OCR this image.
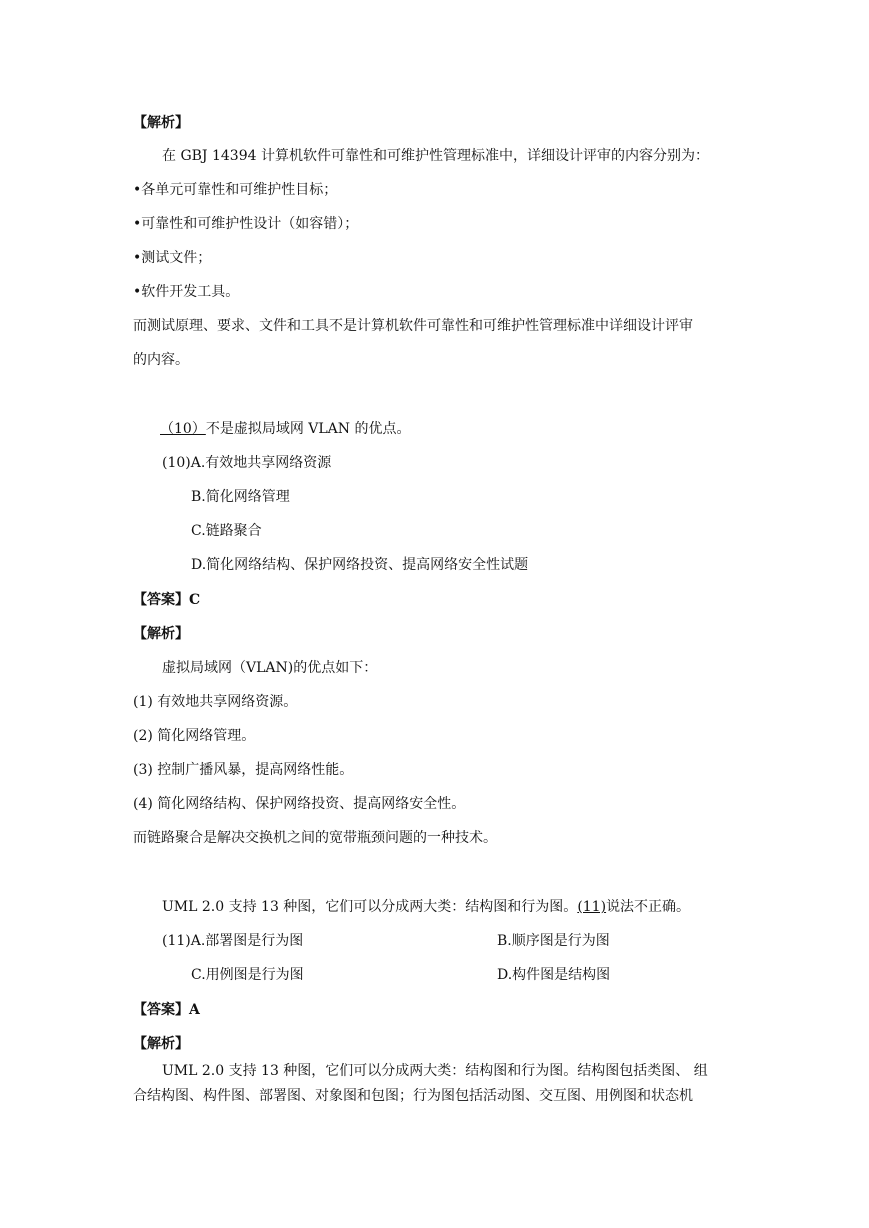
【解析】
在 GBJ 14394 计算机软件可靠性和可维护性管理标准中，详细设计评审的内容分别为：
•各单元可靠性和可维护性目标；
•可靠性和可维护性设计（如容错）；
•测试文件；
•软件开发工具。
而测试原理、要求、文件和工具不是计算机软件可靠性和可维护性管理标准中详细设计评审
的内容。
（10）不是虚拟局域网 VLAN 的优点。
(10)A.有效地共享网络资源
B.简化网络管理
C.链路聚合
D.简化网络结构、保护网络投资、提高网络安全性试题
【答案】C
【解析】
虚拟局域网（VLAN)的优点如下：
(1) 有效地共享网络资源。
(2) 简化网络管理。
(3) 控制广播风暴，提高网络性能。
(4) 简化网络结构、保护网络投资、提高网络安全性。
而链路聚合是解决交换机之间的宽带瓶颈问题的一种技术。
UML 2.0 支持 13 种图，它们可以分成两大类：结构图和行为图。(11)说法不正确。
(11)A.部署图是行为图	B.顺序图是行为图
C.用例图是行为图	D.构件图是结构图
【答案】A
【解析】
UML 2.0 支持 13 种图，它们可以分成两大类：结构图和行为图。结构图包括类图、 组
合结构图、构件图、部署图、对象图和包图；行为图包括活动图、交互图、用例图和状态机
